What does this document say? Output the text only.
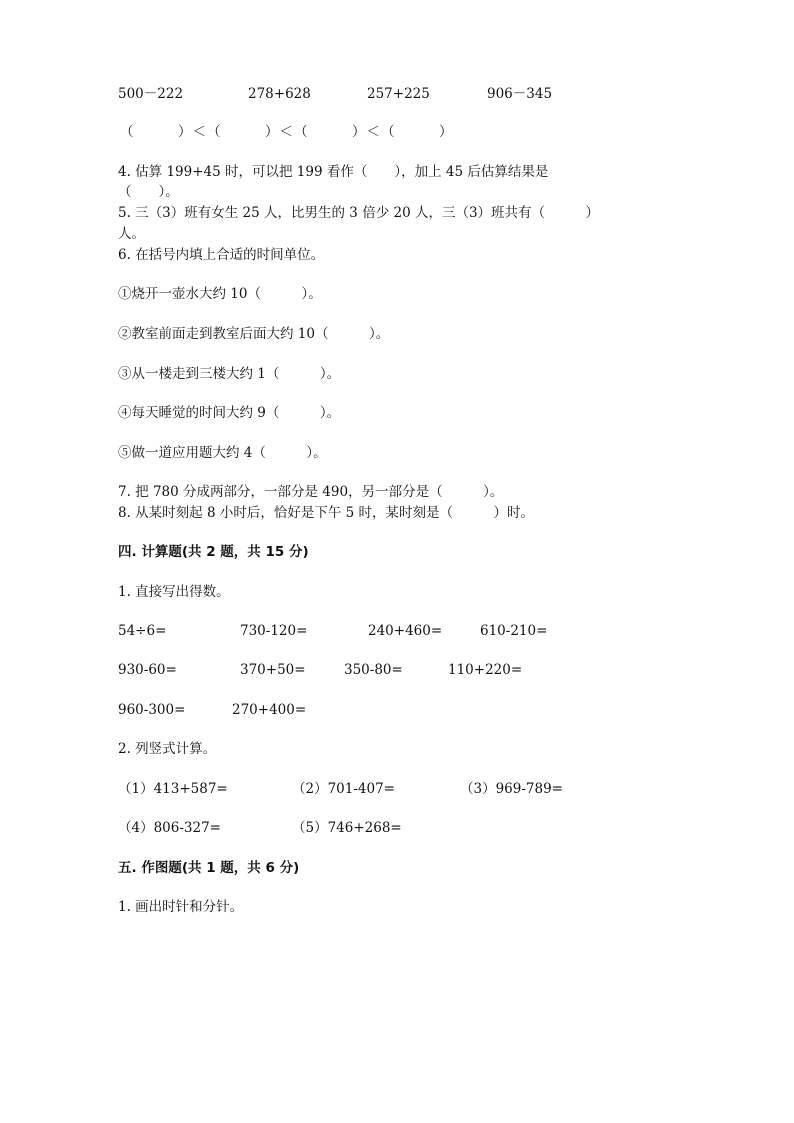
500－222	278+628	257+225	906－345
（　　　）＜（　　　）＜（　　　）＜（　　　）
4. 估算 199+45 时，可以把 199 看作（　　），加上 45 后估算结果是
（　　）。
5. 三（3）班有女生 25 人，比男生的 3 倍少 20 人，三（3）班共有（　　　）
人。
6. 在括号内填上合适的时间单位。
①烧开一壶水大约 10（　　　）。
②教室前面走到教室后面大约 10（　　　）。
③从一楼走到三楼大约 1（　　　）。
④每天睡觉的时间大约 9（　　　）。
⑤做一道应用题大约 4（　　　）。
7. 把 780 分成两部分，一部分是 490，另一部分是（　　　）。
8. 从某时刻起 8 小时后，恰好是下午 5 时，某时刻是（　　　）时。
四. 计算题(共 2 题，共 15 分)
1. 直接写出得数。
54÷6=	730-120=	240+460=	610-210=
930-60=	370+50=	350-80=	110+220=
960-300=	270+400=
2. 列竖式计算。
（1）413+587=	（2）701-407=	（3）969-789=
（4）806-327=	（5）746+268=
五. 作图题(共 1 题，共 6 分)
1. 画出时针和分针。
